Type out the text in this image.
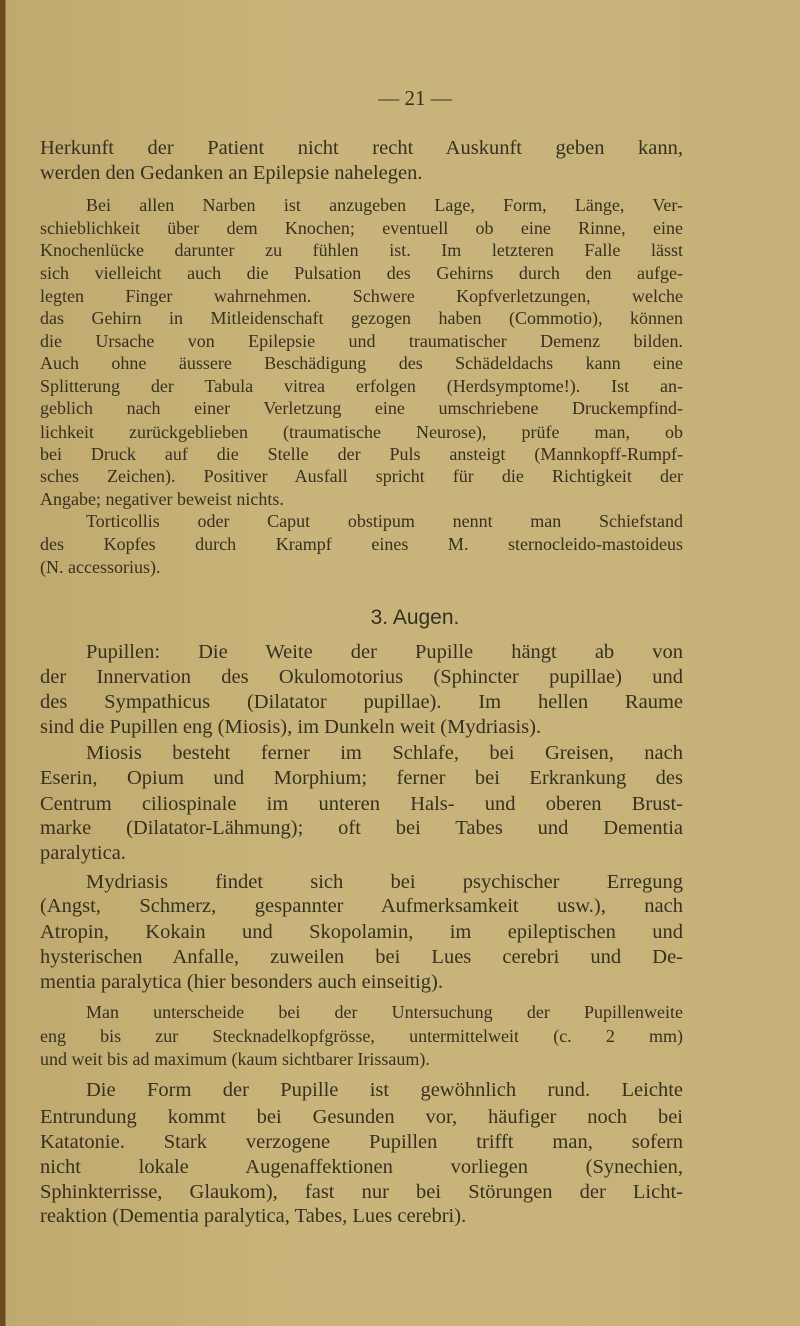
— 21 —
3. Augen.
Herkunft der Patient nicht recht Auskunft geben kann,
werden den Gedanken an Epilepsie nahelegen.
Bei allen Narben ist anzugeben Lage, Form, Länge, Ver-
schieblichkeit über dem Knochen; eventuell ob eine Rinne, eine
Knochenlücke darunter zu fühlen ist. Im letzteren Falle lässt
sich vielleicht auch die Pulsation des Gehirns durch den aufge-
legten Finger wahrnehmen. Schwere Kopfverletzungen, welche
das Gehirn in Mitleidenschaft gezogen haben (Commotio), können
die Ursache von Epilepsie und traumatischer Demenz bilden.
Auch ohne äussere Beschädigung des Schädeldachs kann eine
Splitterung der Tabula vitrea erfolgen (Herdsymptome!). Ist an-
geblich nach einer Verletzung eine umschriebene Druckempfind-
lichkeit zurückgeblieben (traumatische Neurose), prüfe man, ob
bei Druck auf die Stelle der Puls ansteigt (Mannkopff-Rumpf-
sches Zeichen). Positiver Ausfall spricht für die Richtigkeit der
Angabe; negativer beweist nichts.
Torticollis oder Caput obstipum nennt man Schiefstand
des Kopfes durch Krampf eines M. sternocleido-mastoideus
(N. accessorius).
Pupillen: Die Weite der Pupille hängt ab von
der Innervation des Okulomotorius (Sphincter pupillae) und
des Sympathicus (Dilatator pupillae). Im hellen Raume
sind die Pupillen eng (Miosis), im Dunkeln weit (Mydriasis).
Miosis besteht ferner im Schlafe, bei Greisen, nach
Eserin, Opium und Morphium; ferner bei Erkrankung des
Centrum ciliospinale im unteren Hals- und oberen Brust-
marke (Dilatator-Lähmung); oft bei Tabes und Dementia
paralytica.
Mydriasis findet sich bei psychischer Erregung
(Angst, Schmerz, gespannter Aufmerksamkeit usw.), nach
Atropin, Kokain und Skopolamin, im epileptischen und
hysterischen Anfalle, zuweilen bei Lues cerebri und De-
mentia paralytica (hier besonders auch einseitig).
Man unterscheide bei der Untersuchung der Pupillenweite
eng bis zur Stecknadelkopfgrösse, untermittelweit (c. 2 mm)
und weit bis ad maximum (kaum sichtbarer Irissaum).
Die Form der Pupille ist gewöhnlich rund. Leichte
Entrundung kommt bei Gesunden vor, häufiger noch bei
Katatonie. Stark verzogene Pupillen trifft man, sofern
nicht lokale Augenaffektionen vorliegen (Synechien,
Sphinkterrisse, Glaukom), fast nur bei Störungen der Licht-
reaktion (Dementia paralytica, Tabes, Lues cerebri).
